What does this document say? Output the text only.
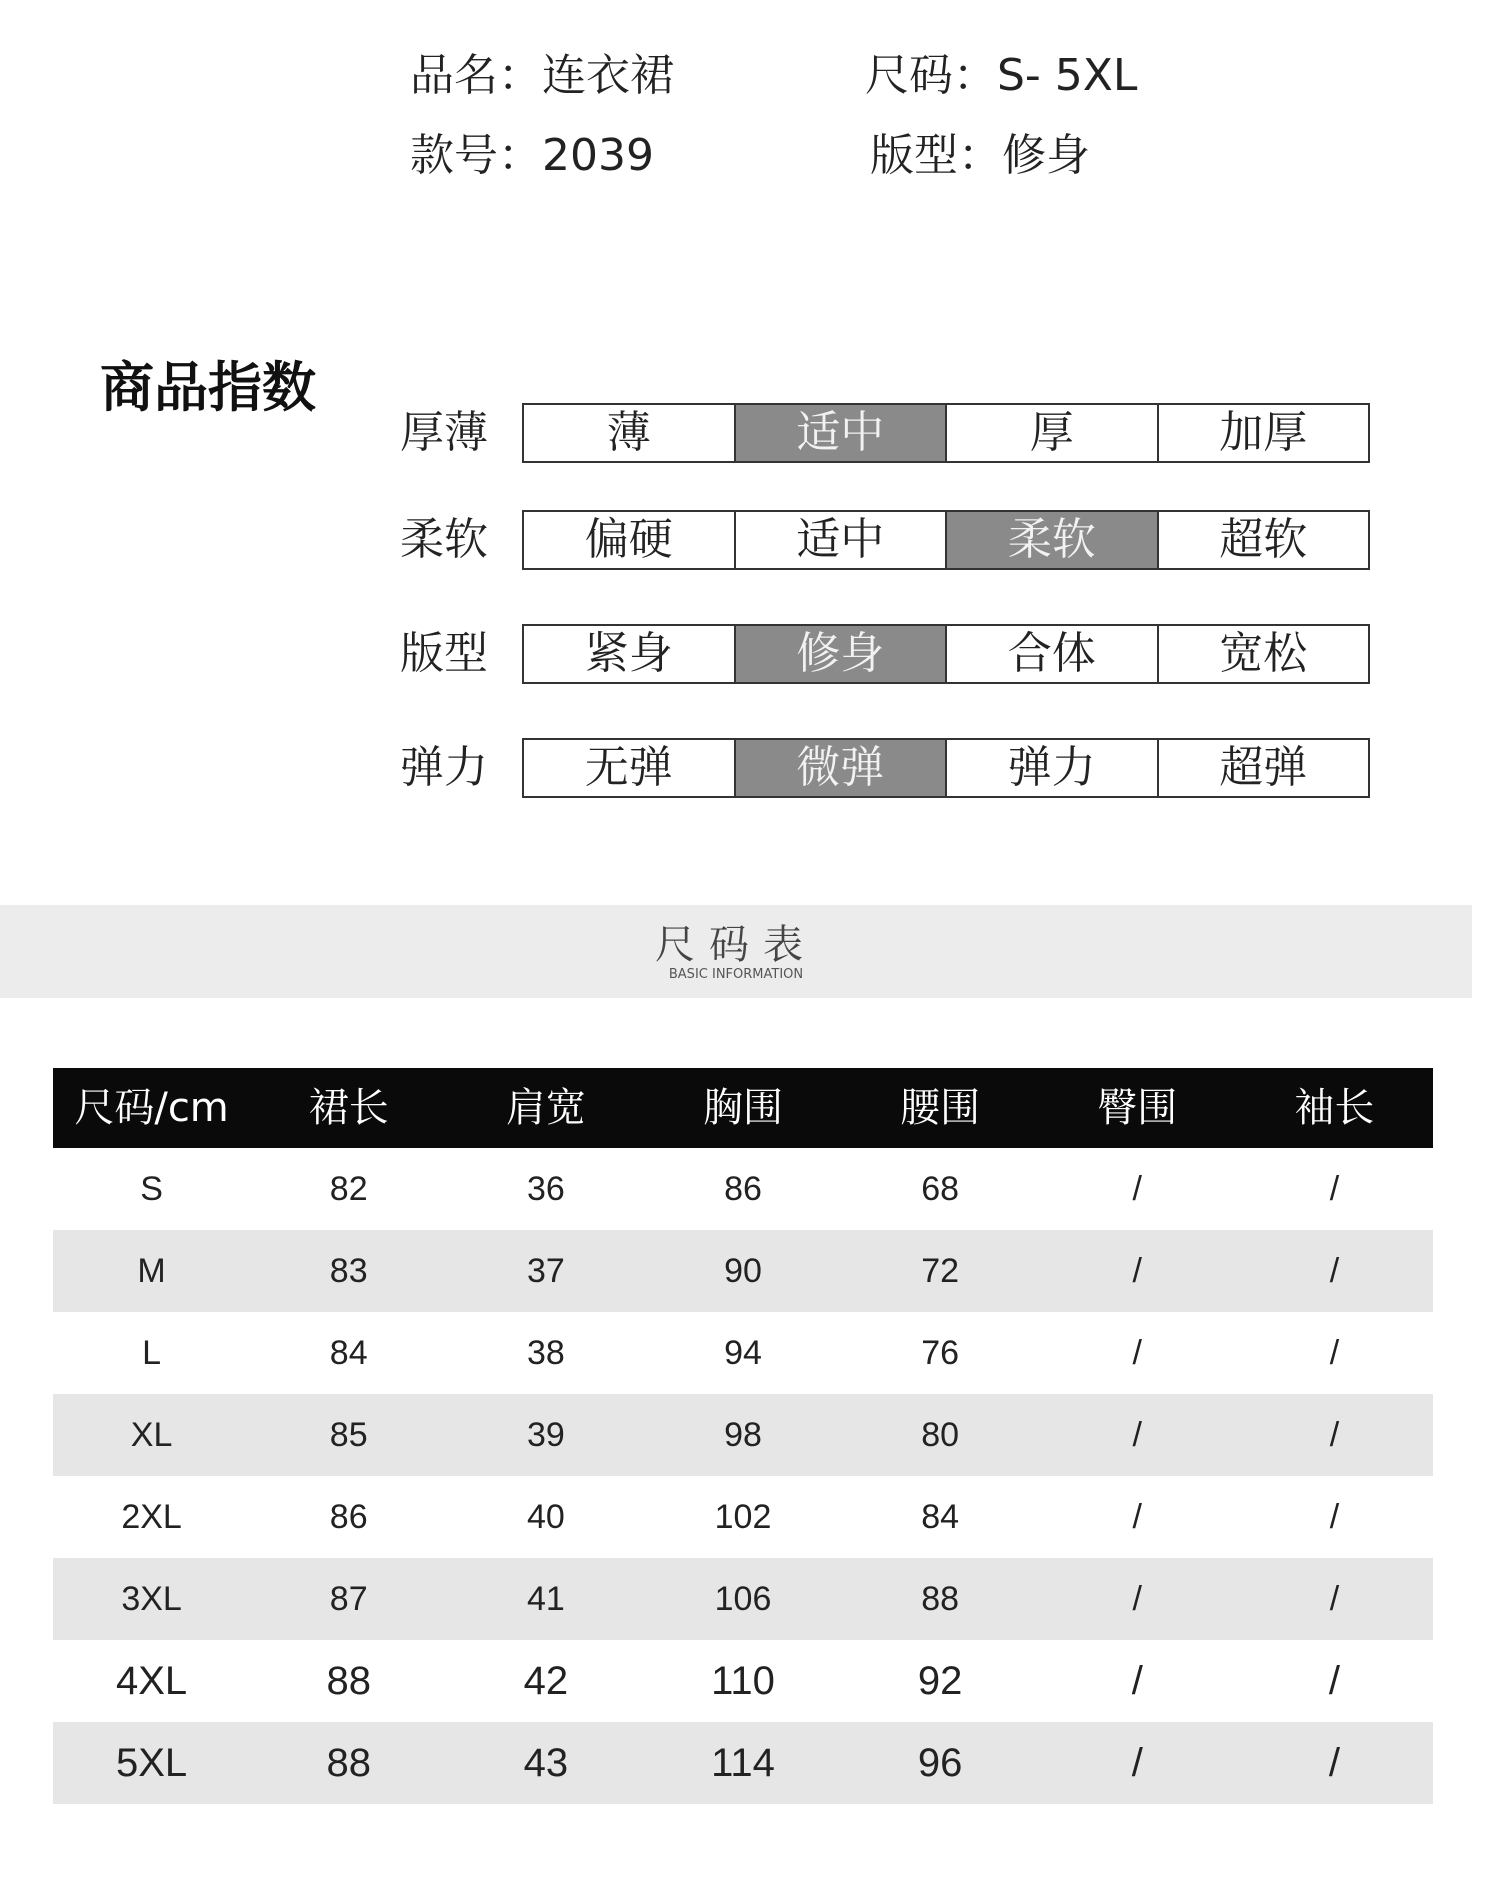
品名：连衣裙	尺码：S- 5XL
款号：2039	版型：修身
商品指数
厚薄	薄	适中	厚	加厚
柔软	偏硬	适中	柔软	超软
版型	紧身	修身	合体	宽松
弹力	无弹	微弹	弹力	超弹
尺码表
BASIC INFORMATION
尺码/cm	裙长	肩宽	胸围	腰围	臀围	袖长
S	82	36	86	68	/	/
M	83	37	90	72	/	/
L	84	38	94	76	/	/
XL	85	39	98	80	/	/
2XL	86	40	102	84	/	/
3XL	87	41	106	88	/	/
4XL	88	42	110	92	/	/
5XL	88	43	114	96	/	/
